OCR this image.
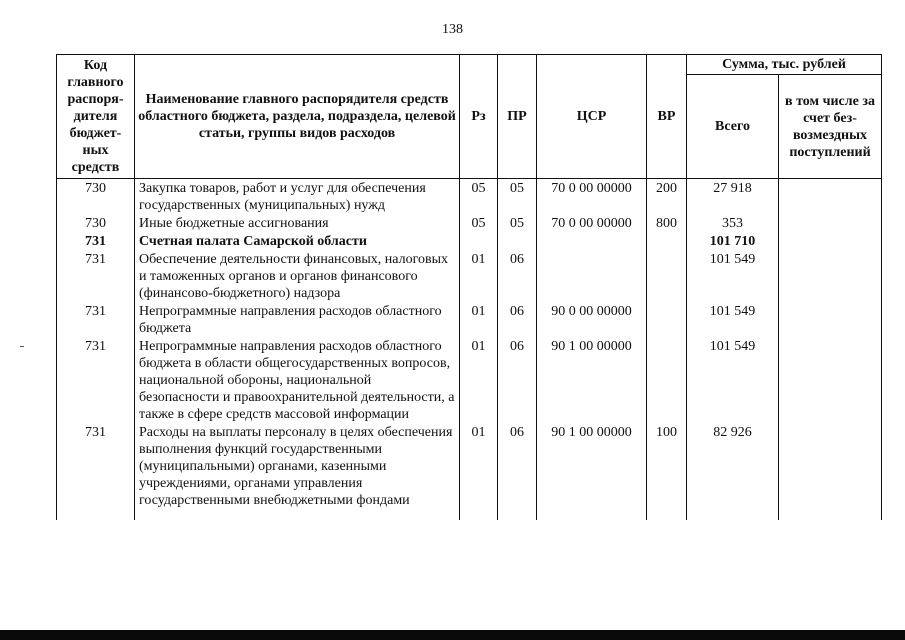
138
Код главного распоря-дителя бюджет-ных средств	Наименование главного распорядителя средств областного бюджета, раздела, подраздела, целевой статьи, группы видов расходов	Рз	ПР	ЦСР	ВР	Сумма, тыс. рублей	
						Всего	в том числе за счет без-возмездных поступлений
730	Закупка товаров, работ и услуг для обеспечения государственных (муниципальных) нужд	05	05	70 0 00 00000	200	27 918	
730	Иные бюджетные ассигнования	05	05	70 0 00 00000	800	353	
731	Счетная палата Самарской области					101 710	
731	Обеспечение деятельности финансовых, налоговых и таможенных органов и органов финансового (финансово-бюджетного) надзора	01	06			101 549	
731	Непрограммные направления расходов областного бюджета	01	06	90 0 00 00000		101 549	
731	Непрограммные направления расходов областного бюджета в области общегосударственных вопросов, национальной обороны, национальной безопасности и правоохранительной деятельности, а также в сфере средств массовой информации	01	06	90 1 00 00000		101 549	
731	Расходы на выплаты персоналу в целях обеспечения выполнения функций государственными (муниципальными) органами, казенными учреждениями, органами управления государственными внебюджетными фондами	01	06	90 1 00 00000	100	82 926	
